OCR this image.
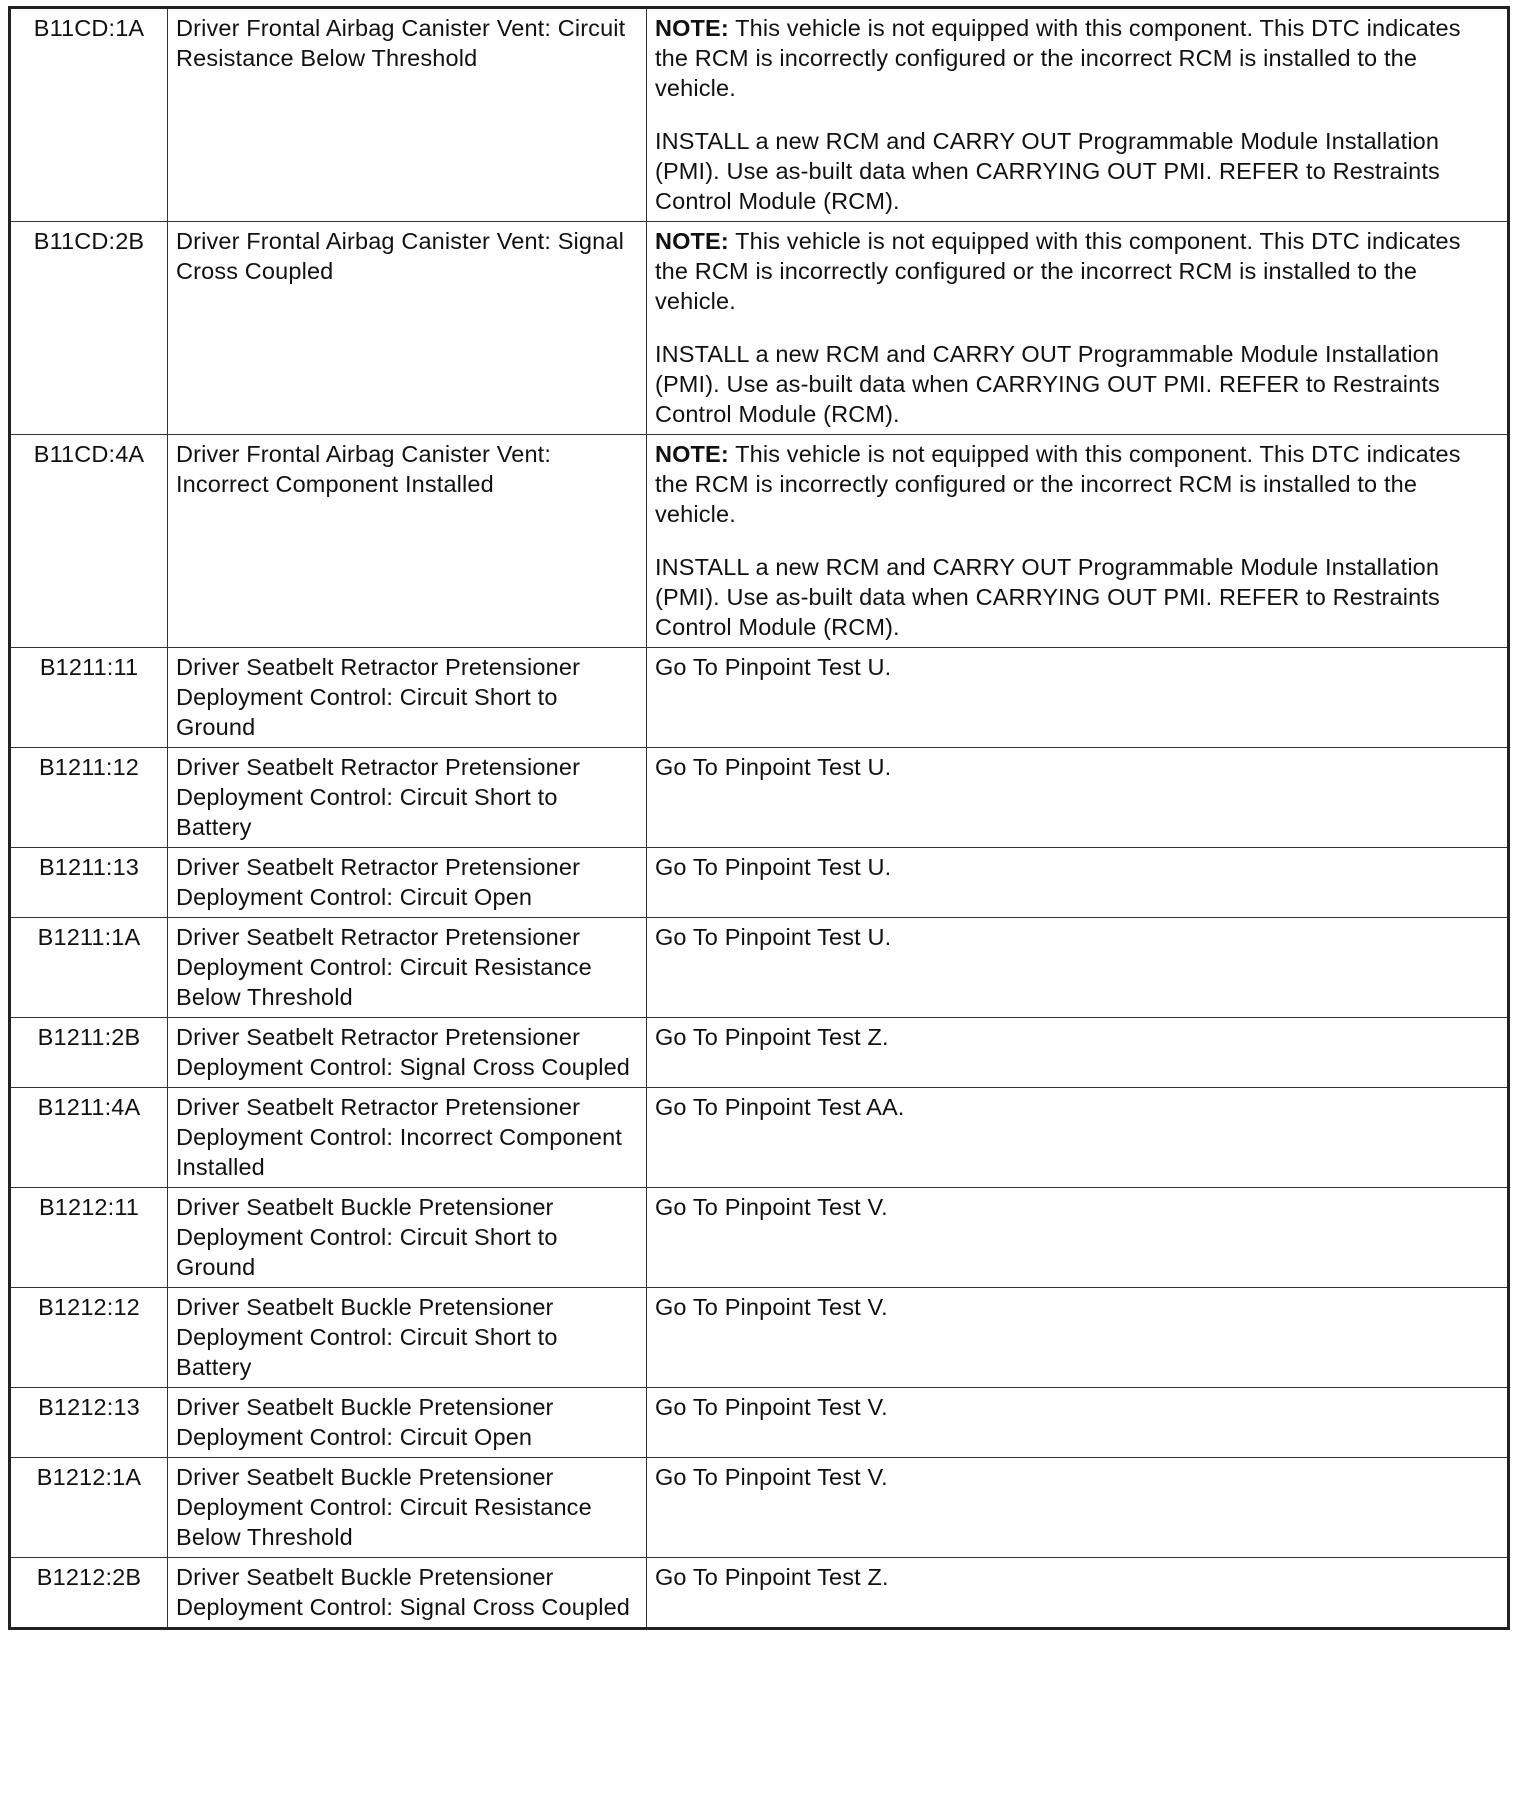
B11CD:1A	Driver Frontal Airbag Canister Vent: Circuit Resistance Below Threshold	NOTE: This vehicle is not equipped with this component. This DTC indicates the RCM is incorrectly configured or the incorrect RCM is installed to the vehicle.

INSTALL a new RCM and CARRY OUT Programmable Module Installation (PMI). Use as-built data when CARRYING OUT PMI. REFER to Restraints Control Module (RCM).

B11CD:2B	Driver Frontal Airbag Canister Vent: Signal Cross Coupled	NOTE: This vehicle is not equipped with this component. This DTC indicates the RCM is incorrectly configured or the incorrect RCM is installed to the vehicle.

INSTALL a new RCM and CARRY OUT Programmable Module Installation (PMI). Use as-built data when CARRYING OUT PMI. REFER to Restraints Control Module (RCM).

B11CD:4A	Driver Frontal Airbag Canister Vent: Incorrect Component Installed	NOTE: This vehicle is not equipped with this component. This DTC indicates the RCM is incorrectly configured or the incorrect RCM is installed to the vehicle.

INSTALL a new RCM and CARRY OUT Programmable Module Installation (PMI). Use as-built data when CARRYING OUT PMI. REFER to Restraints Control Module (RCM).

B1211:11	Driver Seatbelt Retractor Pretensioner Deployment Control: Circuit Short to Ground	Go To Pinpoint Test U.
B1211:12	Driver Seatbelt Retractor Pretensioner Deployment Control: Circuit Short to Battery	Go To Pinpoint Test U.
B1211:13	Driver Seatbelt Retractor Pretensioner Deployment Control: Circuit Open	Go To Pinpoint Test U.
B1211:1A	Driver Seatbelt Retractor Pretensioner Deployment Control: Circuit Resistance Below Threshold	Go To Pinpoint Test U.
B1211:2B	Driver Seatbelt Retractor Pretensioner Deployment Control: Signal Cross Coupled	Go To Pinpoint Test Z.
B1211:4A	Driver Seatbelt Retractor Pretensioner Deployment Control: Incorrect Component Installed	Go To Pinpoint Test AA.
B1212:11	Driver Seatbelt Buckle Pretensioner Deployment Control: Circuit Short to Ground	Go To Pinpoint Test V.
B1212:12	Driver Seatbelt Buckle Pretensioner Deployment Control: Circuit Short to Battery	Go To Pinpoint Test V.
B1212:13	Driver Seatbelt Buckle Pretensioner Deployment Control: Circuit Open	Go To Pinpoint Test V.
B1212:1A	Driver Seatbelt Buckle Pretensioner Deployment Control: Circuit Resistance Below Threshold	Go To Pinpoint Test V.
B1212:2B	Driver Seatbelt Buckle Pretensioner Deployment Control: Signal Cross Coupled	Go To Pinpoint Test Z.
